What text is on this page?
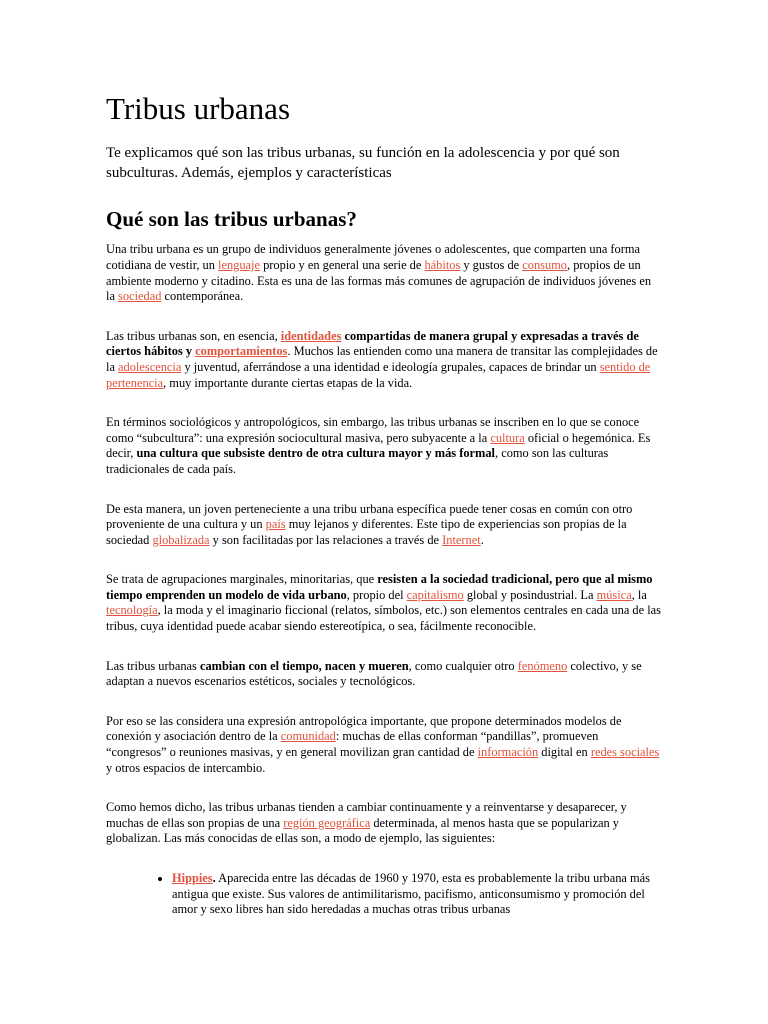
Tribus urbanas
Te explicamos qué son las tribus urbanas, su función en la adolescencia y por qué son subculturas. Además, ejemplos y características
Qué son las tribus urbanas?

Una tribu urbana es un grupo de individuos generalmente jóvenes o adolescentes, que comparten una forma cotidiana de vestir, un lenguaje propio y en general una serie de hábitos y gustos de consumo, propios de un ambiente moderno y citadino. Esta es una de las formas más comunes de agrupación de individuos jóvenes en la sociedad contemporánea.

Las tribus urbanas son, en esencia, identidades compartidas de manera grupal y expresadas a través de ciertos hábitos y comportamientos. Muchos las entienden como una manera de transitar las complejidades de la adolescencia y juventud, aferrándose a una identidad e ideología grupales, capaces de brindar un sentido de pertenencia, muy importante durante ciertas etapas de la vida.

En términos sociológicos y antropológicos, sin embargo, las tribus urbanas se inscriben en lo que se conoce como “subcultura”: una expresión sociocultural masiva, pero subyacente a la cultura oficial o hegemónica. Es decir, una cultura que subsiste dentro de otra cultura mayor y más formal, como son las culturas tradicionales de cada país.

De esta manera, un joven perteneciente a una tribu urbana específica puede tener cosas en común con otro proveniente de una cultura y un país muy lejanos y diferentes. Este tipo de experiencias son propias de la sociedad globalizada y son facilitadas por las relaciones a través de Internet.

Se trata de agrupaciones marginales, minoritarias, que resisten a la sociedad tradicional, pero que al mismo tiempo emprenden un modelo de vida urbano, propio del capitalismo global y posindustrial. La música, la tecnología, la moda y el imaginario ficcional (relatos, símbolos, etc.) son elementos centrales en cada una de las tribus, cuya identidad puede acabar siendo estereotípica, o sea, fácilmente reconocible.

Las tribus urbanas cambian con el tiempo, nacen y mueren, como cualquier otro fenómeno colectivo, y se adaptan a nuevos escenarios estéticos, sociales y tecnológicos.

Por eso se las considera una expresión antropológica importante, que propone determinados modelos de conexión y asociación dentro de la comunidad: muchas de ellas conforman “pandillas”, promueven “congresos” o reuniones masivas, y en general movilizan gran cantidad de información digital en redes sociales y otros espacios de intercambio.

Como hemos dicho, las tribus urbanas tienden a cambiar continuamente y a reinventarse y desaparecer, y muchas de ellas son propias de una región geográfica determinada, al menos hasta que se popularizan y globalizan. Las más conocidas de ellas son, a modo de ejemplo, las siguientes:

• Hippies. Aparecida entre las décadas de 1960 y 1970, esta es probablemente la tribu urbana más antigua que existe. Sus valores de antimilitarismo, pacifismo, anticonsumismo y promoción del amor y sexo libres han sido heredadas a muchas otras tribus urbanas
